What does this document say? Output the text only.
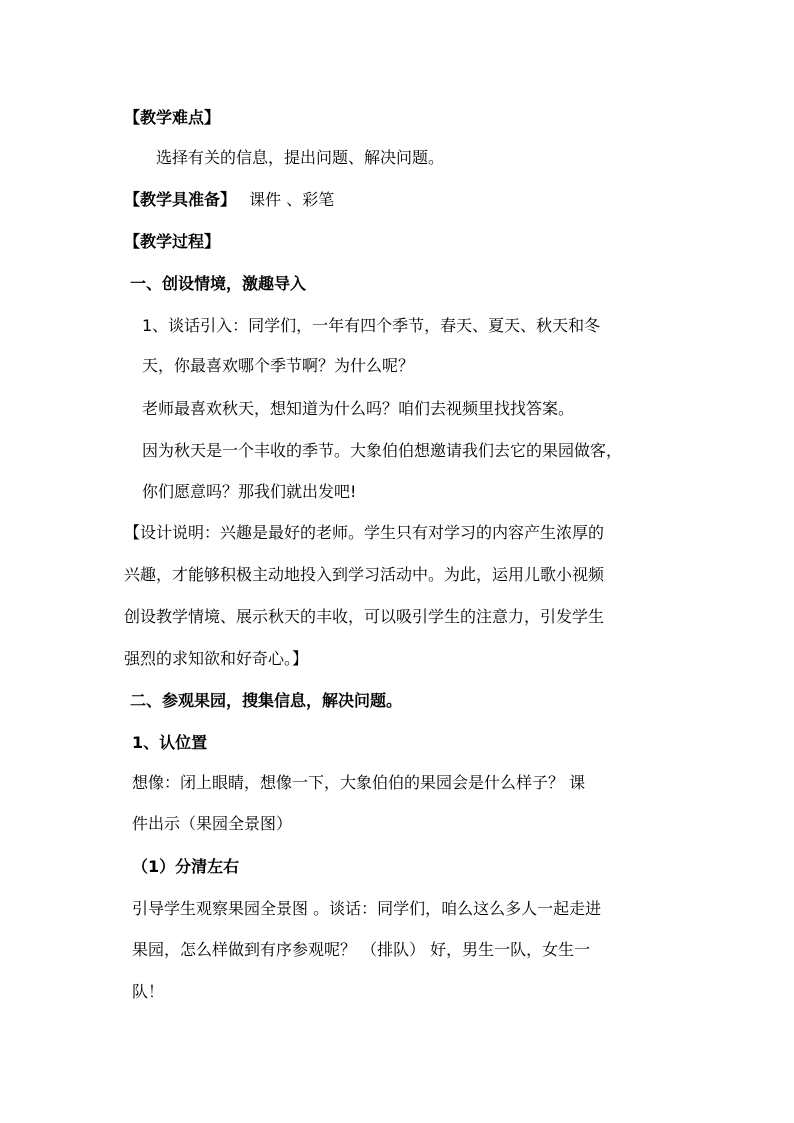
【教学难点】
选择有关的信息，提出问题、解决问题。
【教学具准备】 课件 、彩笔
【教学过程】
一、创设情境，激趣导入
1、谈话引入：同学们，一年有四个季节，春天、夏天、秋天和冬
天，你最喜欢哪个季节啊？为什么呢？
老师最喜欢秋天，想知道为什么吗？咱们去视频里找找答案。
因为秋天是一个丰收的季节。大象伯伯想邀请我们去它的果园做客，
你们愿意吗？那我们就出发吧!
【设计说明：兴趣是最好的老师。学生只有对学习的内容产生浓厚的
兴趣，才能够积极主动地投入到学习活动中。为此，运用儿歌小视频
创设教学情境、展示秋天的丰收，可以吸引学生的注意力，引发学生
强烈的求知欲和好奇心。】
二、参观果园，搜集信息，解决问题。
1、认位置
想像：闭上眼睛，想像一下，大象伯伯的果园会是什么样子？ 课
件出示（果园全景图）
（1）分清左右
引导学生观察果园全景图 。谈话：同学们，咱么这么多人一起走进
果园，怎么样做到有序参观呢？ （排队） 好，男生一队，女生一
队！
